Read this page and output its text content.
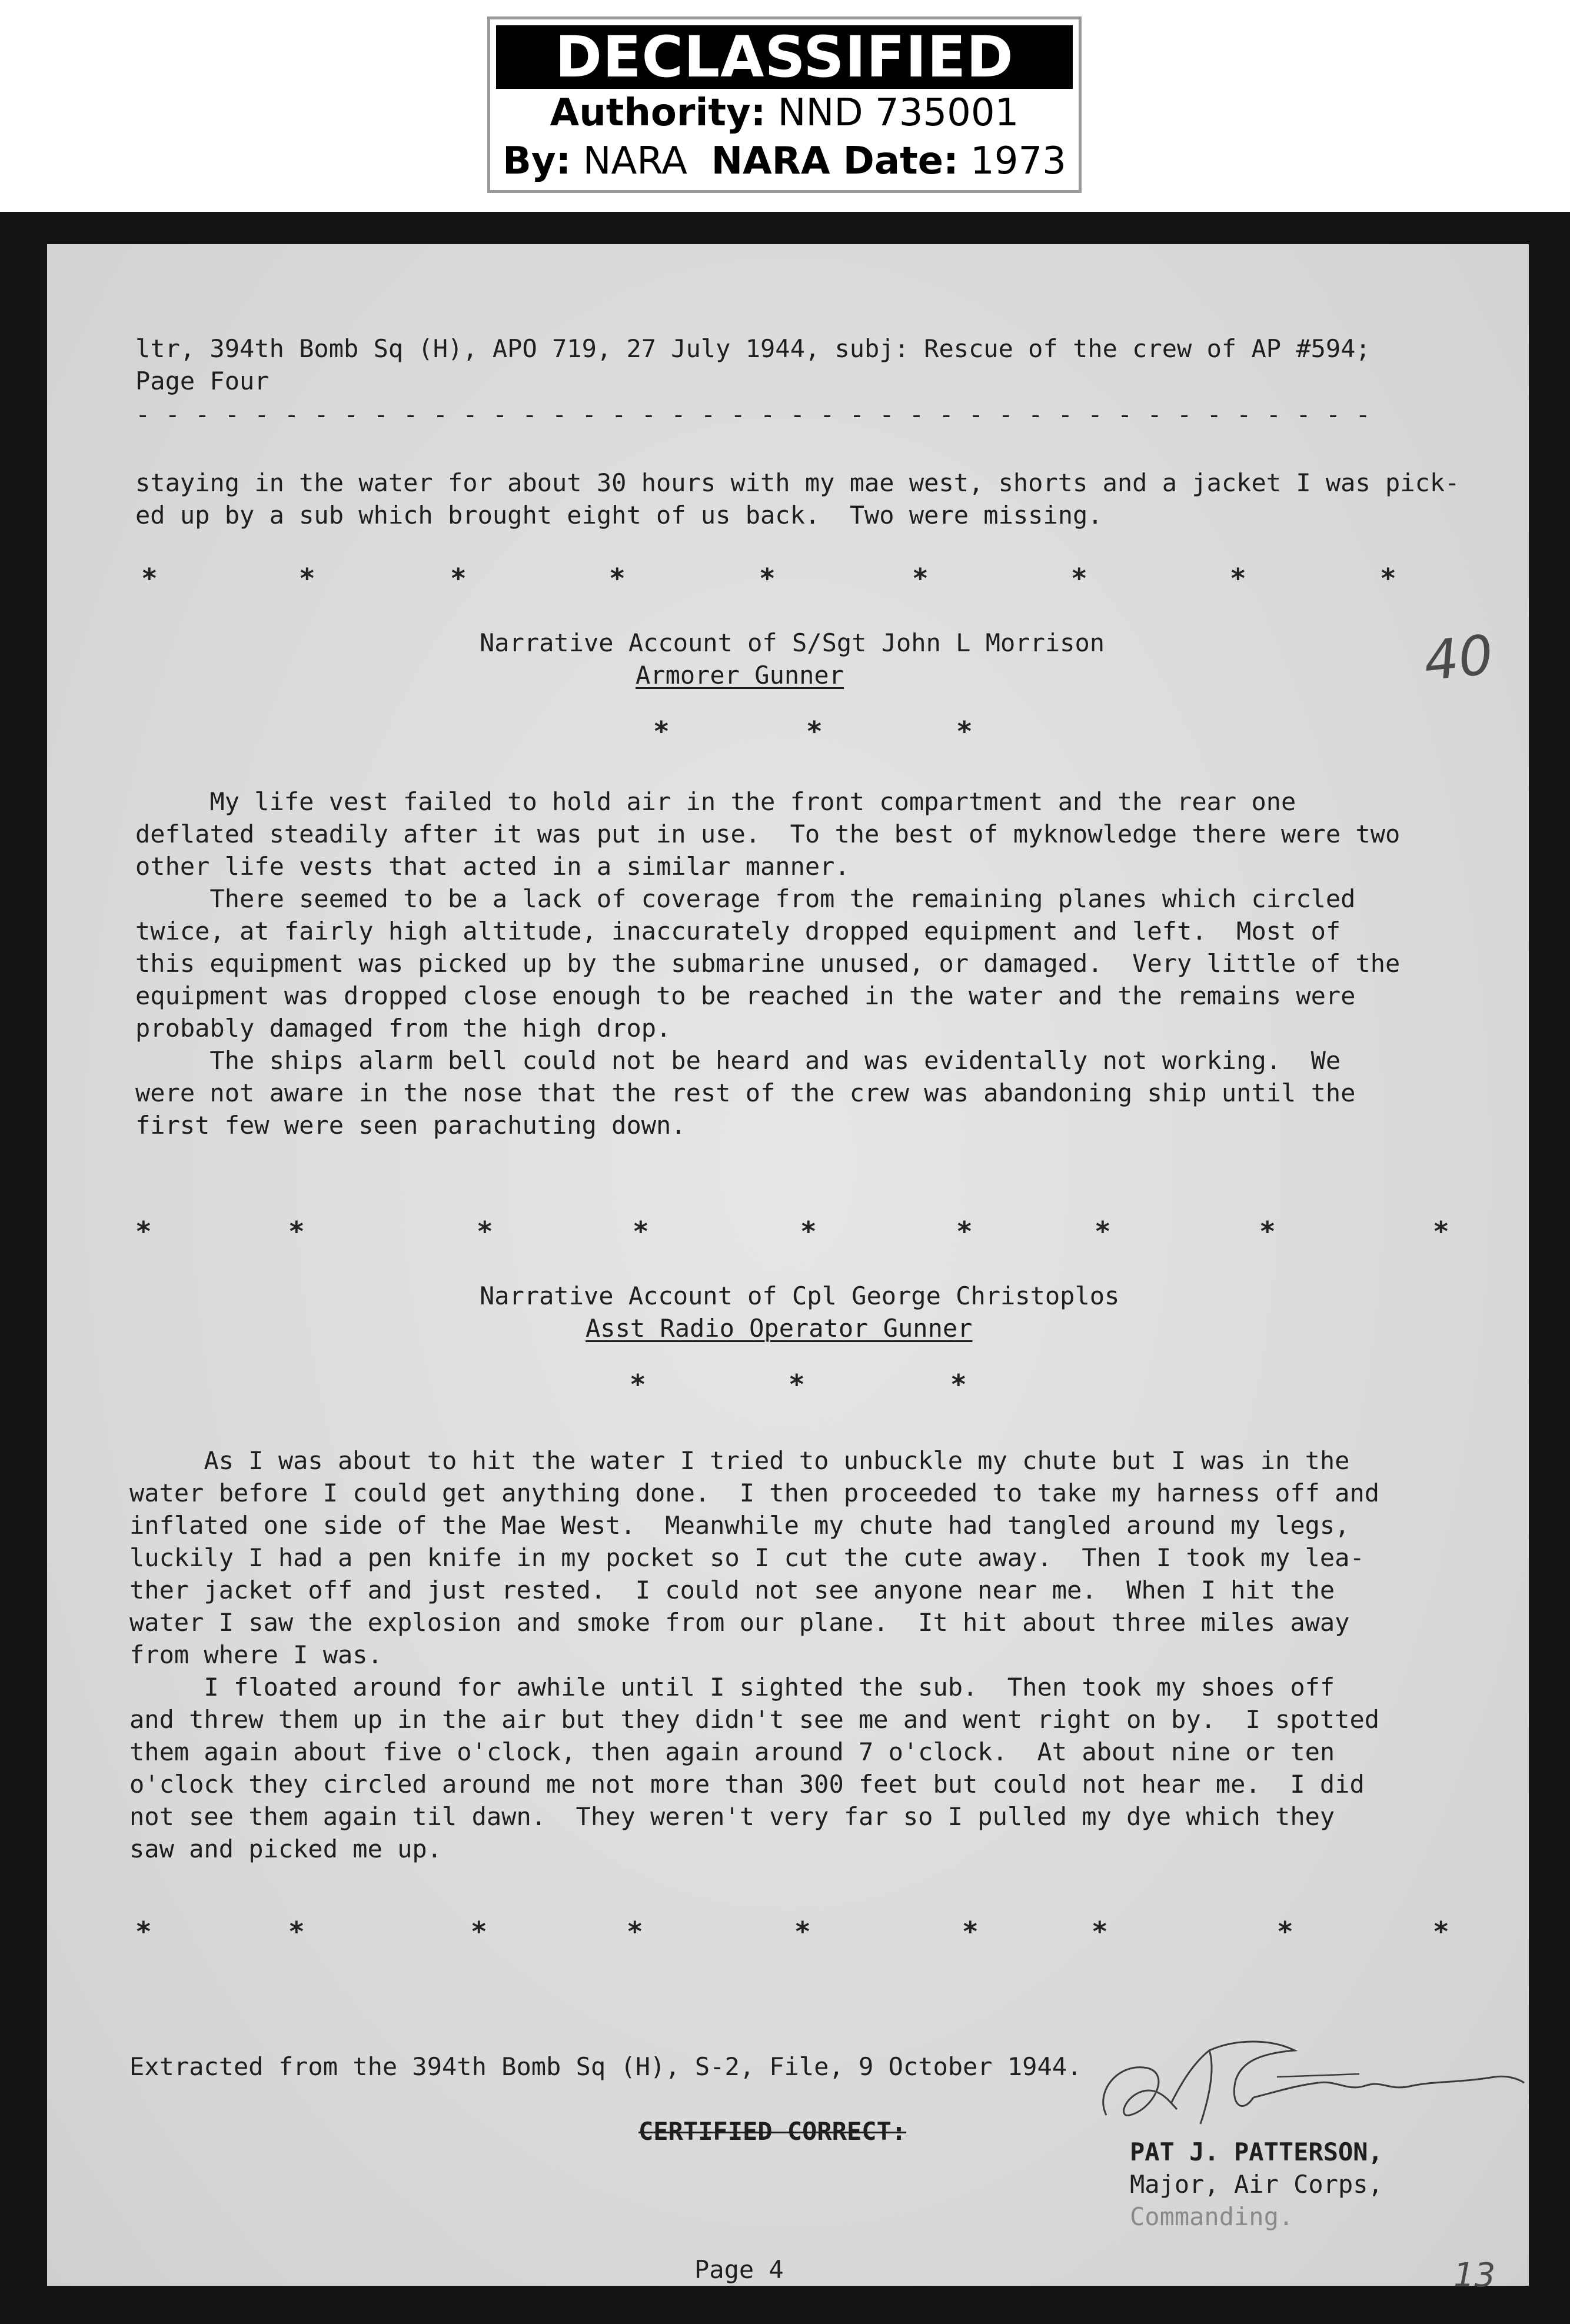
DECLASSIFIED
Authority: NND 735001
By: NARA NARA Date: 1973
ltr, 394th Bomb Sq (H), APO 719, 27 July 1944, subj: Rescue of the crew of AP #594;
Page Four
- - - - - - - - - - - - - - - - - - - - - - - - - - - - - - - - - - - - - - - - - -
staying in the water for about 30 hours with my mae west, shorts and a jacket I was pick-
ed up by a sub which brought eight of us back.  Two were missing.
*	*	*	*	*	*	*	*	*
Narrative Account of S/Sgt John L Morrison
Armorer Gunner	40
*	*	*
My life vest failed to hold air in the front compartment and the rear one
deflated steadily after it was put in use.  To the best of myknowledge there were two
other life vests that acted in a similar manner.
There seemed to be a lack of coverage from the remaining planes which circled
twice, at fairly high altitude, inaccurately dropped equipment and left.  Most of
this equipment was picked up by the submarine unused, or damaged.  Very little of the
equipment was dropped close enough to be reached in the water and the remains were
probably damaged from the high drop.
The ships alarm bell could not be heard and was evidentally not working.  We
were not aware in the nose that the rest of the crew was abandoning ship until the
first few were seen parachuting down.
*	*	*	*	*	*	*	*	*
Narrative Account of Cpl George Christoplos
Asst Radio Operator Gunner
*	*	*
As I was about to hit the water I tried to unbuckle my chute but I was in the
water before I could get anything done.  I then proceeded to take my harness off and
inflated one side of the Mae West.  Meanwhile my chute had tangled around my legs,
luckily I had a pen knife in my pocket so I cut the cute away.  Then I took my lea-
ther jacket off and just rested.  I could not see anyone near me.  When I hit the
water I saw the explosion and smoke from our plane.  It hit about three miles away
from where I was.
I floated around for awhile until I sighted the sub.  Then took my shoes off
and threw them up in the air but they didn't see me and went right on by.  I spotted
them again about five o'clock, then again around 7 o'clock.  At about nine or ten
o'clock they circled around me not more than 300 feet but could not hear me.  I did
not see them again til dawn.  They weren't very far so I pulled my dye which they
saw and picked me up.
*	*	*	*	*	*	*	*	*
Extracted from the 394th Bomb Sq (H), S-2, File, 9 October 1944.
CERTIFIED CORRECT:
PAT J. PATTERSON,
Major, Air Corps,
Commanding.
Page 4	13
